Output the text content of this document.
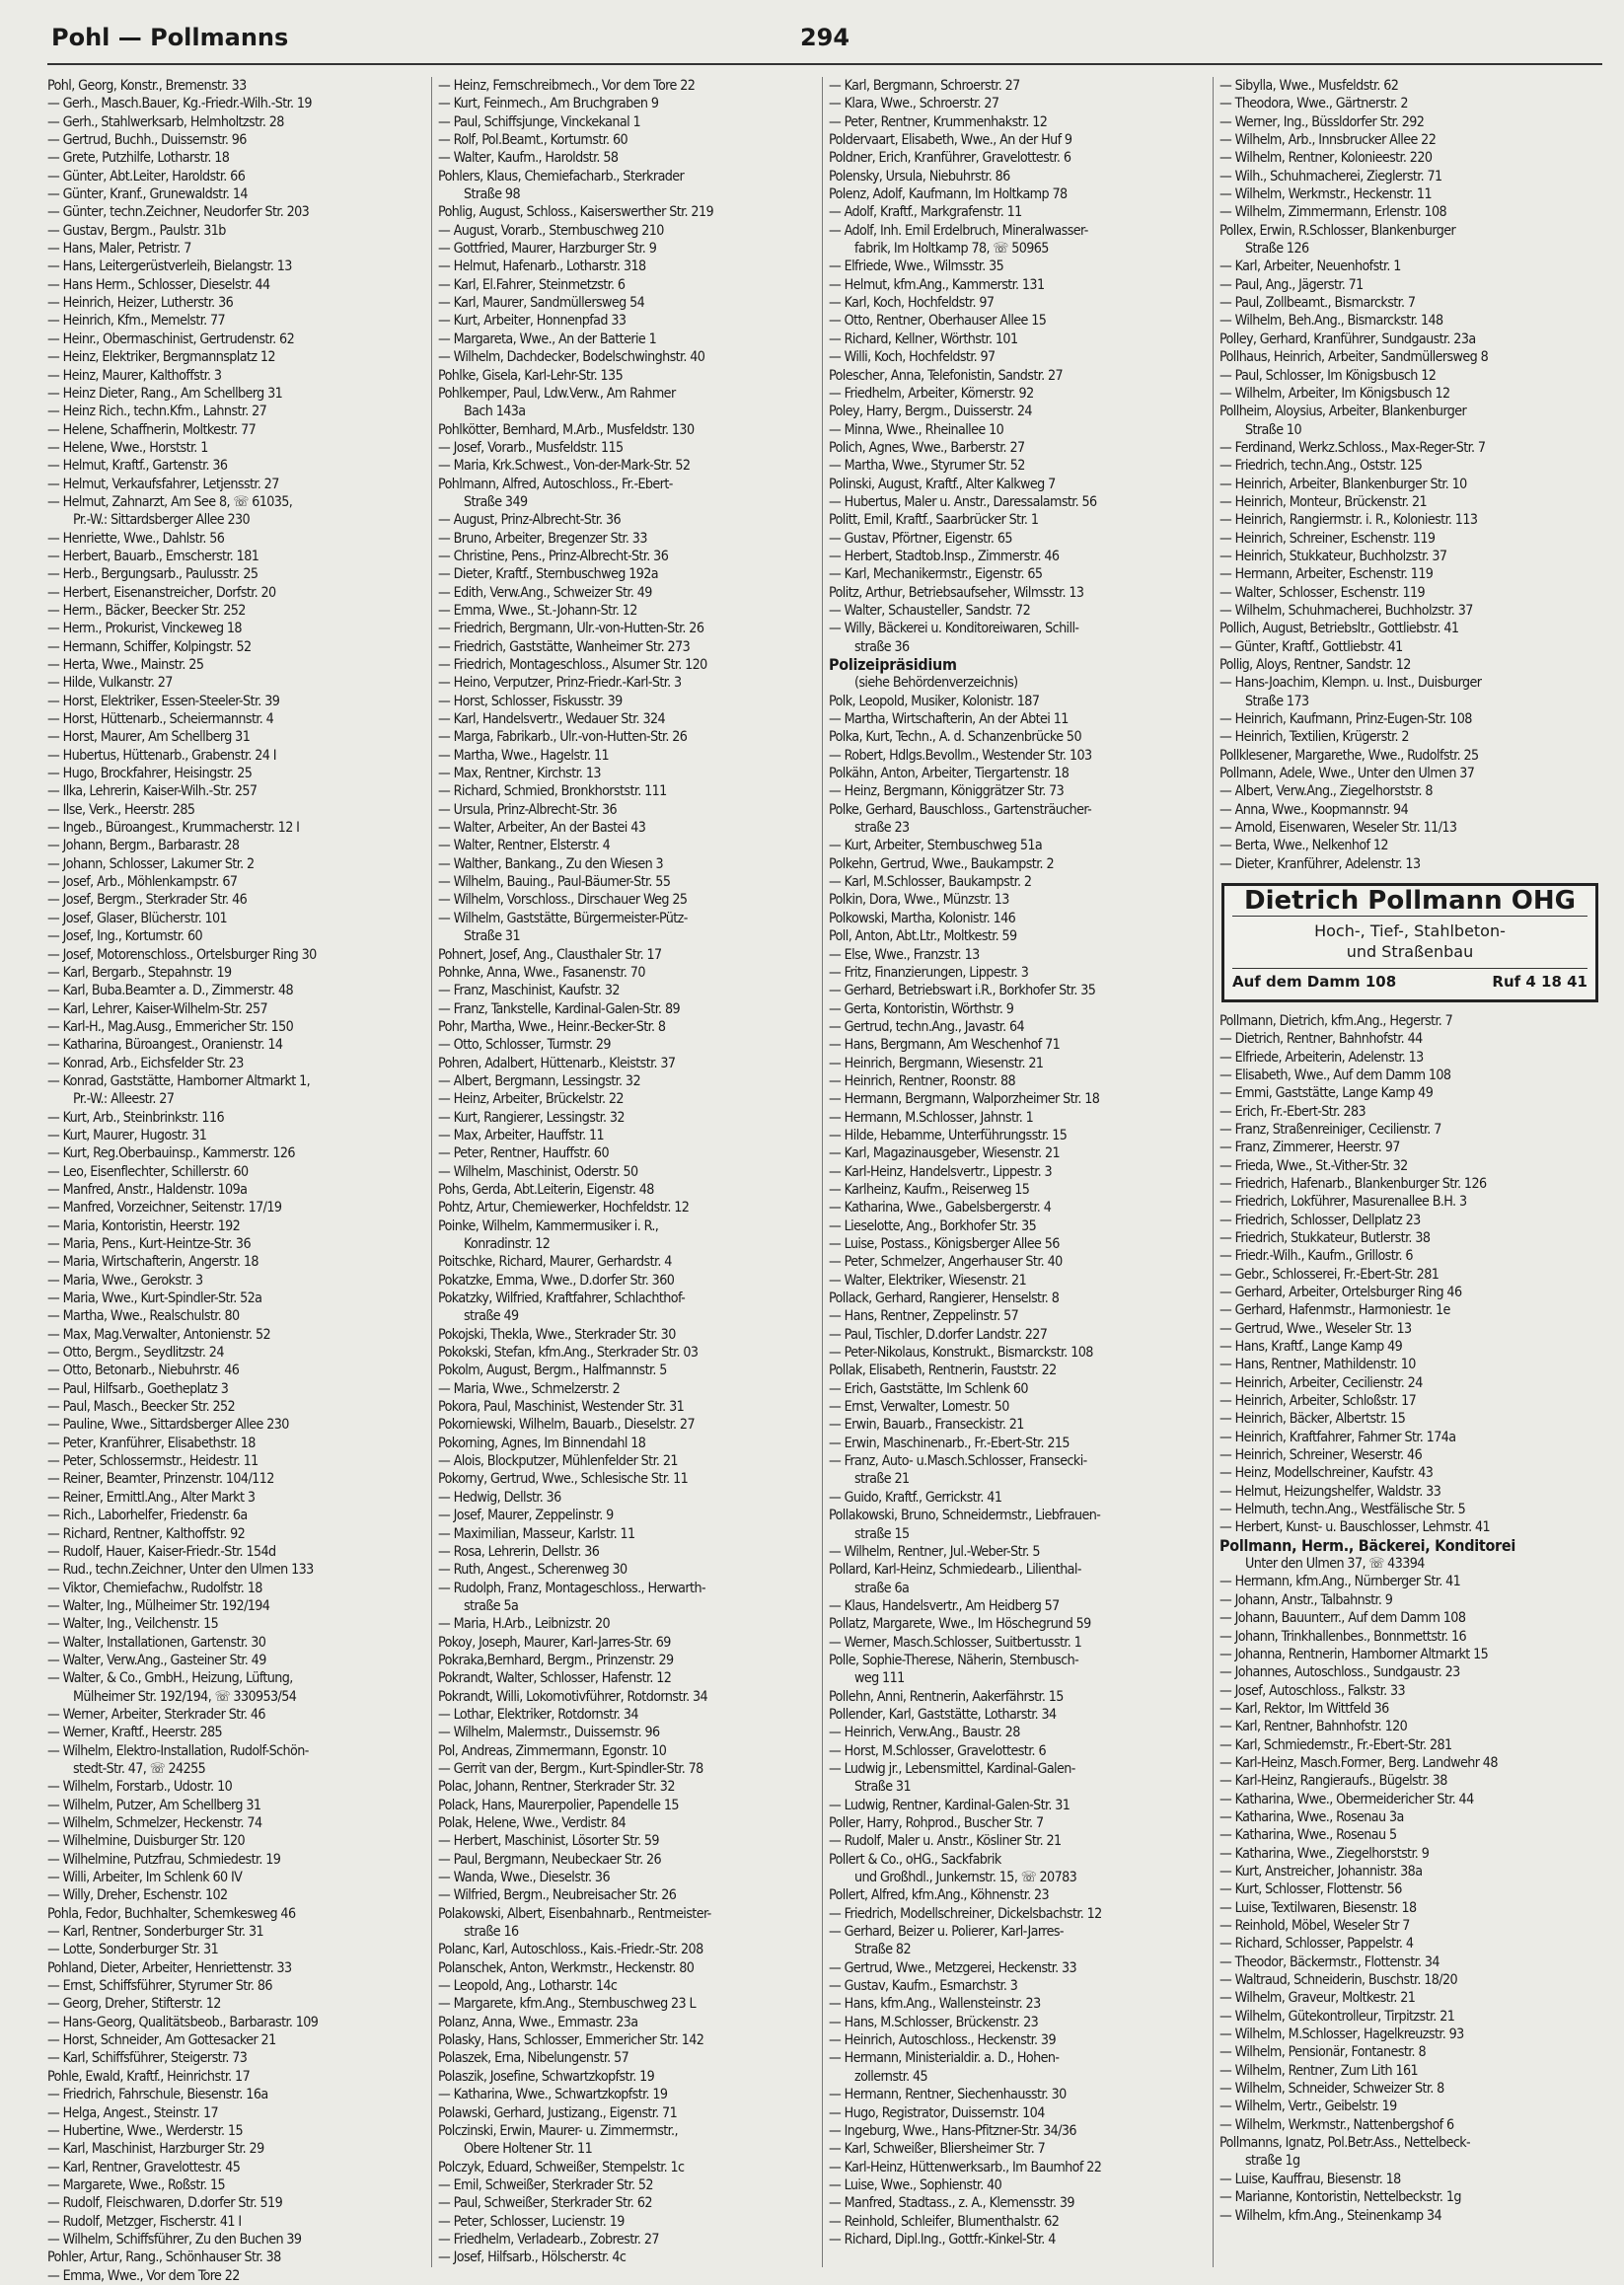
Pohl — Pollmanns	294
Pohl, Georg, Konstr., Bremenstr. 33
— Gerh., Masch.Bauer, Kg.-Friedr.-Wilh.-Str. 19
— Gerh., Stahlwerksarb, Helmholtzstr. 28
— Gertrud, Buchh., Duissernstr. 96
— Grete, Putzhilfe, Lotharstr. 18
— Günter, Abt.Leiter, Haroldstr. 66
— Günter, Kranf., Grunewaldstr. 14
— Günter, techn.Zeichner, Neudorfer Str. 203
— Gustav, Bergm., Paulstr. 31b
— Hans, Maler, Petristr. 7
— Hans, Leitergerüstverleih, Bielangstr. 13
— Hans Herm., Schlosser, Dieselstr. 44
— Heinrich, Heizer, Lutherstr. 36
— Heinrich, Kfm., Memelstr. 77
— Heinr., Obermaschinist, Gertrudenstr. 62
— Heinz, Elektriker, Bergmannsplatz 12
— Heinz, Maurer, Kalthoffstr. 3
— Heinz Dieter, Rang., Am Schellberg 31
— Heinz Rich., techn.Kfm., Lahnstr. 27
— Helene, Schaffnerin, Moltkestr. 77
— Helene, Wwe., Horststr. 1
— Helmut, Kraftf., Gartenstr. 36
— Helmut, Verkaufsfahrer, Letjensstr. 27
— Helmut, Zahnarzt, Am See 8, ☏ 61035,
Pr.-W.: Sittardsberger Allee 230
— Henriette, Wwe., Dahlstr. 56
— Herbert, Bauarb., Emscherstr. 181
— Herb., Bergungsarb., Paulusstr. 25
— Herbert, Eisenanstreicher, Dorfstr. 20
— Herm., Bäcker, Beecker Str. 252
— Herm., Prokurist, Vinckeweg 18
— Hermann, Schiffer, Kolpingstr. 52
— Herta, Wwe., Mainstr. 25
— Hilde, Vulkanstr. 27
— Horst, Elektriker, Essen-Steeler-Str. 39
— Horst, Hüttenarb., Scheiermannstr. 4
— Horst, Maurer, Am Schellberg 31
— Hubertus, Hüttenarb., Grabenstr. 24 I
— Hugo, Brockfahrer, Heisingstr. 25
— Ilka, Lehrerin, Kaiser-Wilh.-Str. 257
— Ilse, Verk., Heerstr. 285
— Ingeb., Büroangest., Krummacherstr. 12 I
— Johann, Bergm., Barbarastr. 28
— Johann, Schlosser, Lakumer Str. 2
— Josef, Arb., Möhlenkampstr. 67
— Josef, Bergm., Sterkrader Str. 46
— Josef, Glaser, Blücherstr. 101
— Josef, Ing., Kortumstr. 60
— Josef, Motorenschloss., Ortelsburger Ring 30
— Karl, Bergarb., Stepahnstr. 19
— Karl, Buba.Beamter a. D., Zimmerstr. 48
— Karl, Lehrer, Kaiser-Wilhelm-Str. 257
— Karl-H., Mag.Ausg., Emmericher Str. 150
— Katharina, Büroangest., Oranienstr. 14
— Konrad, Arb., Eichsfelder Str. 23
— Konrad, Gaststätte, Hamborner Altmarkt 1,
Pr.-W.: Alleestr. 27
— Kurt, Arb., Steinbrinkstr. 116
— Kurt, Maurer, Hugostr. 31
— Kurt, Reg.Oberbauinsp., Kammerstr. 126
— Leo, Eisenflechter, Schillerstr. 60
— Manfred, Anstr., Haldenstr. 109a
— Manfred, Vorzeichner, Seitenstr. 17/19
— Maria, Kontoristin, Heerstr. 192
— Maria, Pens., Kurt-Heintze-Str. 36
— Maria, Wirtschafterin, Angerstr. 18
— Maria, Wwe., Gerokstr. 3
— Maria, Wwe., Kurt-Spindler-Str. 52a
— Martha, Wwe., Realschulstr. 80
— Max, Mag.Verwalter, Antonienstr. 52
— Otto, Bergm., Seydlitzstr. 24
— Otto, Betonarb., Niebuhrstr. 46
— Paul, Hilfsarb., Goetheplatz 3
— Paul, Masch., Beecker Str. 252
— Pauline, Wwe., Sittardsberger Allee 230
— Peter, Kranführer, Elisabethstr. 18
— Peter, Schlossermstr., Heidestr. 11
— Reiner, Beamter, Prinzenstr. 104/112
— Reiner, Ermittl.Ang., Alter Markt 3
— Rich., Laborhelfer, Friedenstr. 6a
— Richard, Rentner, Kalthoffstr. 92
— Rudolf, Hauer, Kaiser-Friedr.-Str. 154d
— Rud., techn.Zeichner, Unter den Ulmen 133
— Viktor, Chemiefachw., Rudolfstr. 18
— Walter, Ing., Mülheimer Str. 192/194
— Walter, Ing., Veilchenstr. 15
— Walter, Installationen, Gartenstr. 30
— Walter, Verw.Ang., Gasteiner Str. 49
— Walter, & Co., GmbH., Heizung, Lüftung,
Mülheimer Str. 192/194, ☏ 330953/54
— Werner, Arbeiter, Sterkrader Str. 46
— Werner, Kraftf., Heerstr. 285
— Wilhelm, Elektro-Installation, Rudolf-Schön-
stedt-Str. 47, ☏ 24255
— Wilhelm, Forstarb., Udostr. 10
— Wilhelm, Putzer, Am Schellberg 31
— Wilhelm, Schmelzer, Heckenstr. 74
— Wilhelmine, Duisburger Str. 120
— Wilhelmine, Putzfrau, Schmiedestr. 19
— Willi, Arbeiter, Im Schlenk 60 IV
— Willy, Dreher, Eschenstr. 102
Pohla, Fedor, Buchhalter, Schemkesweg 46
— Karl, Rentner, Sonderburger Str. 31
— Lotte, Sonderburger Str. 31
Pohland, Dieter, Arbeiter, Henriettenstr. 33
— Ernst, Schiffsführer, Styrumer Str. 86
— Georg, Dreher, Stifterstr. 12
— Hans-Georg, Qualitätsbeob., Barbarastr. 109
— Horst, Schneider, Am Gottesacker 21
— Karl, Schiffsführer, Steigerstr. 73
Pohle, Ewald, Kraftf., Heinrichstr. 17
— Friedrich, Fahrschule, Biesenstr. 16a
— Helga, Angest., Steinstr. 17
— Hubertine, Wwe., Werderstr. 15
— Karl, Maschinist, Harzburger Str. 29
— Karl, Rentner, Gravelottestr. 45
— Margarete, Wwe., Roßstr. 15
— Rudolf, Fleischwaren, D.dorfer Str. 519
— Rudolf, Metzger, Fischerstr. 41 I
— Wilhelm, Schiffsführer, Zu den Buchen 39
Pohler, Artur, Rang., Schönhauser Str. 38
— Emma, Wwe., Vor dem Tore 22
— Heinz, Fernschreibmech., Vor dem Tore 22
— Kurt, Feinmech., Am Bruchgraben 9
— Paul, Schiffsjunge, Vinckekanal 1
— Rolf, Pol.Beamt., Kortumstr. 60
— Walter, Kaufm., Haroldstr. 58
Pohlers, Klaus, Chemiefacharb., Sterkrader
Straße 98
Pohlig, August, Schloss., Kaiserswerther Str. 219
— August, Vorarb., Sternbuschweg 210
— Gottfried, Maurer, Harzburger Str. 9
— Helmut, Hafenarb., Lotharstr. 318
— Karl, El.Fahrer, Steinmetzstr. 6
— Karl, Maurer, Sandmüllersweg 54
— Kurt, Arbeiter, Honnenpfad 33
— Margareta, Wwe., An der Batterie 1
— Wilhelm, Dachdecker, Bodelschwinghstr. 40
Pohlke, Gisela, Karl-Lehr-Str. 135
Pohlkemper, Paul, Ldw.Verw., Am Rahmer
Bach 143a
Pohlkötter, Bernhard, M.Arb., Musfeldstr. 130
— Josef, Vorarb., Musfeldstr. 115
— Maria, Krk.Schwest., Von-der-Mark-Str. 52
Pohlmann, Alfred, Autoschloss., Fr.-Ebert-
Straße 349
— August, Prinz-Albrecht-Str. 36
— Bruno, Arbeiter, Bregenzer Str. 33
— Christine, Pens., Prinz-Albrecht-Str. 36
— Dieter, Kraftf., Sternbuschweg 192a
— Edith, Verw.Ang., Schweizer Str. 49
— Emma, Wwe., St.-Johann-Str. 12
— Friedrich, Bergmann, Ulr.-von-Hutten-Str. 26
— Friedrich, Gaststätte, Wanheimer Str. 273
— Friedrich, Montageschloss., Alsumer Str. 120
— Heino, Verputzer, Prinz-Friedr.-Karl-Str. 3
— Horst, Schlosser, Fiskusstr. 39
— Karl, Handelsvertr., Wedauer Str. 324
— Marga, Fabrikarb., Ulr.-von-Hutten-Str. 26
— Martha, Wwe., Hagelstr. 11
— Max, Rentner, Kirchstr. 13
— Richard, Schmied, Bronkhorststr. 111
— Ursula, Prinz-Albrecht-Str. 36
— Walter, Arbeiter, An der Bastei 43
— Walter, Rentner, Elsterstr. 4
— Walther, Bankang., Zu den Wiesen 3
— Wilhelm, Bauing., Paul-Bäumer-Str. 55
— Wilhelm, Vorschloss., Dirschauer Weg 25
— Wilhelm, Gaststätte, Bürgermeister-Pütz-
Straße 31
Pohnert, Josef, Ang., Clausthaler Str. 17
Pohnke, Anna, Wwe., Fasanenstr. 70
— Franz, Maschinist, Kaufstr. 32
— Franz, Tankstelle, Kardinal-Galen-Str. 89
Pohr, Martha, Wwe., Heinr.-Becker-Str. 8
— Otto, Schlosser, Turmstr. 29
Pohren, Adalbert, Hüttenarb., Kleiststr. 37
— Albert, Bergmann, Lessingstr. 32
— Heinz, Arbeiter, Brückelstr. 22
— Kurt, Rangierer, Lessingstr. 32
— Max, Arbeiter, Hauffstr. 11
— Peter, Rentner, Hauffstr. 60
— Wilhelm, Maschinist, Oderstr. 50
Pohs, Gerda, Abt.Leiterin, Eigenstr. 48
Pohtz, Artur, Chemiewerker, Hochfeldstr. 12
Poinke, Wilhelm, Kammermusiker i. R.,
Konradinstr. 12
Poitschke, Richard, Maurer, Gerhardstr. 4
Pokatzke, Emma, Wwe., D.dorfer Str. 360
Pokatzky, Wilfried, Kraftfahrer, Schlachthof-
straße 49
Pokojski, Thekla, Wwe., Sterkrader Str. 30
Pokokski, Stefan, kfm.Ang., Sterkrader Str. 03
Pokolm, August, Bergm., Halfmannstr. 5
— Maria, Wwe., Schmelzerstr. 2
Pokora, Paul, Maschinist, Westender Str. 31
Pokorniewski, Wilhelm, Bauarb., Dieselstr. 27
Pokorning, Agnes, Im Binnendahl 18
— Alois, Blockputzer, Mühlenfelder Str. 21
Pokorny, Gertrud, Wwe., Schlesische Str. 11
— Hedwig, Dellstr. 36
— Josef, Maurer, Zeppelinstr. 9
— Maximilian, Masseur, Karlstr. 11
— Rosa, Lehrerin, Dellstr. 36
— Ruth, Angest., Scherenweg 30
— Rudolph, Franz, Montageschloss., Herwarth-
straße 5a
— Maria, H.Arb., Leibnizstr. 20
Pokoy, Joseph, Maurer, Karl-Jarres-Str. 69
Pokraka,Bernhard, Bergm., Prinzenstr. 29
Pokrandt, Walter, Schlosser, Hafenstr. 12
Pokrandt, Willi, Lokomotivführer, Rotdornstr. 34
— Lothar, Elektriker, Rotdornstr. 34
— Wilhelm, Malermstr., Duissernstr. 96
Pol, Andreas, Zimmermann, Egonstr. 10
— Gerrit van der, Bergm., Kurt-Spindler-Str. 78
Polac, Johann, Rentner, Sterkrader Str. 32
Polack, Hans, Maurerpolier, Papendelle 15
Polak, Helene, Wwe., Verdistr. 84
— Herbert, Maschinist, Lösorter Str. 59
— Paul, Bergmann, Neubeckaer Str. 26
— Wanda, Wwe., Dieselstr. 36
— Wilfried, Bergm., Neubreisacher Str. 26
Polakowski, Albert, Eisenbahnarb., Rentmeister-
straße 16
Polanc, Karl, Autoschloss., Kais.-Friedr.-Str. 208
Polanschek, Anton, Werkmstr., Heckenstr. 80
— Leopold, Ang., Lotharstr. 14c
— Margarete, kfm.Ang., Sternbuschweg 23 L
Polanz, Anna, Wwe., Emmastr. 23a
Polasky, Hans, Schlosser, Emmericher Str. 142
Polaszek, Erna, Nibelungenstr. 57
Polaszik, Josefine, Schwartzkopfstr. 19
— Katharina, Wwe., Schwartzkopfstr. 19
Polawski, Gerhard, Justizang., Eigenstr. 71
Polczinski, Erwin, Maurer- u. Zimmermstr.,
Obere Holtener Str. 11
Polczyk, Eduard, Schweißer, Stempelstr. 1c
— Emil, Schweißer, Sterkrader Str. 52
— Paul, Schweißer, Sterkrader Str. 62
— Peter, Schlosser, Lucienstr. 19
— Friedhelm, Verladearb., Zobrestr. 27
— Josef, Hilfsarb., Hölscherstr. 4c
— Karl, Bergmann, Schroerstr. 27
— Klara, Wwe., Schroerstr. 27
— Peter, Rentner, Krummenhakstr. 12
Poldervaart, Elisabeth, Wwe., An der Huf 9
Poldner, Erich, Kranführer, Gravelottestr. 6
Polensky, Ursula, Niebuhrstr. 86
Polenz, Adolf, Kaufmann, Im Holtkamp 78
— Adolf, Kraftf., Markgrafenstr. 11
— Adolf, Inh. Emil Erdelbruch, Mineralwasser-
fabrik, Im Holtkamp 78, ☏ 50965
— Elfriede, Wwe., Wilmsstr. 35
— Helmut, kfm.Ang., Kammerstr. 131
— Karl, Koch, Hochfeldstr. 97
— Otto, Rentner, Oberhauser Allee 15
— Richard, Kellner, Wörthstr. 101
— Willi, Koch, Hochfeldstr. 97
Polescher, Anna, Telefonistin, Sandstr. 27
— Friedhelm, Arbeiter, Körnerstr. 92
Poley, Harry, Bergm., Duisserstr. 24
— Minna, Wwe., Rheinallee 10
Polich, Agnes, Wwe., Barberstr. 27
— Martha, Wwe., Styrumer Str. 52
Polinski, August, Kraftf., Alter Kalkweg 7
— Hubertus, Maler u. Anstr., Daressalamstr. 56
Politt, Emil, Kraftf., Saarbrücker Str. 1
— Gustav, Pförtner, Eigenstr. 65
— Herbert, Stadtob.Insp., Zimmerstr. 46
— Karl, Mechanikermstr., Eigenstr. 65
Politz, Arthur, Betriebsaufseher, Wilmsstr. 13
— Walter, Schausteller, Sandstr. 72
— Willy, Bäckerei u. Konditoreiwaren, Schill-
straße 36
Polizeipräsidium
(siehe Behördenverzeichnis)
Polk, Leopold, Musiker, Kolonistr. 187
— Martha, Wirtschafterin, An der Abtei 11
Polka, Kurt, Techn., A. d. Schanzenbrücke 50
— Robert, Hdlgs.Bevollm., Westender Str. 103
Polkähn, Anton, Arbeiter, Tiergartenstr. 18
— Heinz, Bergmann, Königgrätzer Str. 73
Polke, Gerhard, Bauschloss., Gartensträucher-
straße 23
— Kurt, Arbeiter, Sternbuschweg 51a
Polkehn, Gertrud, Wwe., Baukampstr. 2
— Karl, M.Schlosser, Baukampstr. 2
Polkin, Dora, Wwe., Münzstr. 13
Polkowski, Martha, Kolonistr. 146
Poll, Anton, Abt.Ltr., Moltkestr. 59
— Else, Wwe., Franzstr. 13
— Fritz, Finanzierungen, Lippestr. 3
— Gerhard, Betriebswart i.R., Borkhofer Str. 35
— Gerta, Kontoristin, Wörthstr. 9
— Gertrud, techn.Ang., Javastr. 64
— Hans, Bergmann, Am Weschenhof 71
— Heinrich, Bergmann, Wiesenstr. 21
— Heinrich, Rentner, Roonstr. 88
— Hermann, Bergmann, Walporzheimer Str. 18
— Hermann, M.Schlosser, Jahnstr. 1
— Hilde, Hebamme, Unterführungsstr. 15
— Karl, Magazinausgeber, Wiesenstr. 21
— Karl-Heinz, Handelsvertr., Lippestr. 3
— Karlheinz, Kaufm., Reiserweg 15
— Katharina, Wwe., Gabelsbergerstr. 4
— Lieselotte, Ang., Borkhofer Str. 35
— Luise, Postass., Königsberger Allee 56
— Peter, Schmelzer, Angerhauser Str. 40
— Walter, Elektriker, Wiesenstr. 21
Pollack, Gerhard, Rangierer, Henselstr. 8
— Hans, Rentner, Zeppelinstr. 57
— Paul, Tischler, D.dorfer Landstr. 227
— Peter-Nikolaus, Konstrukt., Bismarckstr. 108
Pollak, Elisabeth, Rentnerin, Fauststr. 22
— Erich, Gaststätte, Im Schlenk 60
— Ernst, Verwalter, Lomestr. 50
— Erwin, Bauarb., Franseckistr. 21
— Erwin, Maschinenarb., Fr.-Ebert-Str. 215
— Franz, Auto- u.Masch.Schlosser, Fransecki-
straße 21
— Guido, Kraftf., Gerrickstr. 41
Pollakowski, Bruno, Schneidermstr., Liebfrauen-
straße 15
— Wilhelm, Rentner, Jul.-Weber-Str. 5
Pollard, Karl-Heinz, Schmiedearb., Lilienthal-
straße 6a
— Klaus, Handelsvertr., Am Heidberg 57
Pollatz, Margarete, Wwe., Im Höschegrund 59
— Werner, Masch.Schlosser, Suitbertusstr. 1
Polle, Sophie-Therese, Näherin, Sternbusch-
weg 111
Pollehn, Anni, Rentnerin, Aakerfährstr. 15
Pollender, Karl, Gaststätte, Lotharstr. 34
— Heinrich, Verw.Ang., Baustr. 28
— Horst, M.Schlosser, Gravelottestr. 6
— Ludwig jr., Lebensmittel, Kardinal-Galen-
Straße 31
— Ludwig, Rentner, Kardinal-Galen-Str. 31
Poller, Harry, Rohprod., Buscher Str. 7
— Rudolf, Maler u. Anstr., Kösliner Str. 21
Pollert & Co., oHG., Sackfabrik
und Großhdl., Junkernstr. 15, ☏ 20783
Pollert, Alfred, kfm.Ang., Köhnenstr. 23
— Friedrich, Modellschreiner, Dickelsbachstr. 12
— Gerhard, Beizer u. Polierer, Karl-Jarres-
Straße 82
— Gertrud, Wwe., Metzgerei, Heckenstr. 33
— Gustav, Kaufm., Esmarchstr. 3
— Hans, kfm.Ang., Wallensteinstr. 23
— Hans, M.Schlosser, Brückenstr. 23
— Heinrich, Autoschloss., Heckenstr. 39
— Hermann, Ministerialdir. a. D., Hohen-
zollernstr. 45
— Hermann, Rentner, Siechenhausstr. 30
— Hugo, Registrator, Duissernstr. 104
— Ingeburg, Wwe., Hans-Pfitzner-Str. 34/36
— Karl, Schweißer, Bliersheimer Str. 7
— Karl-Heinz, Hüttenwerksarb., Im Baumhof 22
— Luise, Wwe., Sophienstr. 40
— Manfred, Stadtass., z. A., Klemensstr. 39
— Reinhold, Schleifer, Blumenthalstr. 62
— Richard, Dipl.Ing., Gottfr.-Kinkel-Str. 4
— Sibylla, Wwe., Musfeldstr. 62
— Theodora, Wwe., Gärtnerstr. 2
— Werner, Ing., Büssldorfer Str. 292
— Wilhelm, Arb., Innsbrucker Allee 22
— Wilhelm, Rentner, Kolonieestr. 220
— Wilh., Schuhmacherei, Zieglerstr. 71
— Wilhelm, Werkmstr., Heckenstr. 11
— Wilhelm, Zimmermann, Erlenstr. 108
Pollex, Erwin, R.Schlosser, Blankenburger
Straße 126
— Karl, Arbeiter, Neuenhofstr. 1
— Paul, Ang., Jägerstr. 71
— Paul, Zollbeamt., Bismarckstr. 7
— Wilhelm, Beh.Ang., Bismarckstr. 148
Polley, Gerhard, Kranführer, Sundgaustr. 23a
Pollhaus, Heinrich, Arbeiter, Sandmüllersweg 8
— Paul, Schlosser, Im Königsbusch 12
— Wilhelm, Arbeiter, Im Königsbusch 12
Pollheim, Aloysius, Arbeiter, Blankenburger
Straße 10
— Ferdinand, Werkz.Schloss., Max-Reger-Str. 7
— Friedrich, techn.Ang., Oststr. 125
— Heinrich, Arbeiter, Blankenburger Str. 10
— Heinrich, Monteur, Brückenstr. 21
— Heinrich, Rangiermstr. i. R., Koloniestr. 113
— Heinrich, Schreiner, Eschenstr. 119
— Heinrich, Stukkateur, Buchholzstr. 37
— Hermann, Arbeiter, Eschenstr. 119
— Walter, Schlosser, Eschenstr. 119
— Wilhelm, Schuhmacherei, Buchholzstr. 37
Pollich, August, Betriebsltr., Gottliebstr. 41
— Günter, Kraftf., Gottliebstr. 41
Pollig, Aloys, Rentner, Sandstr. 12
— Hans-Joachim, Klempn. u. Inst., Duisburger
Straße 173
— Heinrich, Kaufmann, Prinz-Eugen-Str. 108
— Heinrich, Textilien, Krügerstr. 2
Pollklesener, Margarethe, Wwe., Rudolfstr. 25
Pollmann, Adele, Wwe., Unter den Ulmen 37
— Albert, Verw.Ang., Ziegelhorststr. 8
— Anna, Wwe., Koopmannstr. 94
— Arnold, Eisenwaren, Weseler Str. 11/13
— Berta, Wwe., Nelkenhof 12
— Dieter, Kranführer, Adelenstr. 13
Dietrich Pollmann OHG
Hoch-, Tief-, Stahlbeton-
und Straßenbau
Auf dem Damm 108	Ruf 4 18 41
Pollmann, Dietrich, kfm.Ang., Hegerstr. 7
— Dietrich, Rentner, Bahnhofstr. 44
— Elfriede, Arbeiterin, Adelenstr. 13
— Elisabeth, Wwe., Auf dem Damm 108
— Emmi, Gaststätte, Lange Kamp 49
— Erich, Fr.-Ebert-Str. 283
— Franz, Straßenreiniger, Cecilienstr. 7
— Franz, Zimmerer, Heerstr. 97
— Frieda, Wwe., St.-Vither-Str. 32
— Friedrich, Hafenarb., Blankenburger Str. 126
— Friedrich, Lokführer, Masurenallee B.H. 3
— Friedrich, Schlosser, Dellplatz 23
— Friedrich, Stukkateur, Butlerstr. 38
— Friedr.-Wilh., Kaufm., Grillostr. 6
— Gebr., Schlosserei, Fr.-Ebert-Str. 281
— Gerhard, Arbeiter, Ortelsburger Ring 46
— Gerhard, Hafenmstr., Harmoniestr. 1e
— Gertrud, Wwe., Weseler Str. 13
— Hans, Kraftf., Lange Kamp 49
— Hans, Rentner, Mathildenstr. 10
— Heinrich, Arbeiter, Cecilienstr. 24
— Heinrich, Arbeiter, Schloßstr. 17
— Heinrich, Bäcker, Albertstr. 15
— Heinrich, Kraftfahrer, Fahrner Str. 174a
— Heinrich, Schreiner, Weserstr. 46
— Heinz, Modellschreiner, Kaufstr. 43
— Helmut, Heizungshelfer, Waldstr. 33
— Helmuth, techn.Ang., Westfälische Str. 5
— Herbert, Kunst- u. Bauschlosser, Lehmstr. 41
Pollmann, Herm., Bäckerei, Konditorei
Unter den Ulmen 37, ☏ 43394
— Hermann, kfm.Ang., Nürnberger Str. 41
— Johann, Anstr., Talbahnstr. 9
— Johann, Bauunterr., Auf dem Damm 108
— Johann, Trinkhallenbes., Bonnmettstr. 16
— Johanna, Rentnerin, Hamborner Altmarkt 15
— Johannes, Autoschloss., Sundgaustr. 23
— Josef, Autoschloss., Falkstr. 33
— Karl, Rektor, Im Wittfeld 36
— Karl, Rentner, Bahnhofstr. 120
— Karl, Schmiedemstr., Fr.-Ebert-Str. 281
— Karl-Heinz, Masch.Former, Berg. Landwehr 48
— Karl-Heinz, Rangieraufs., Bügelstr. 38
— Katharina, Wwe., Obermeidericher Str. 44
— Katharina, Wwe., Rosenau 3a
— Katharina, Wwe., Rosenau 5
— Katharina, Wwe., Ziegelhorststr. 9
— Kurt, Anstreicher, Johannistr. 38a
— Kurt, Schlosser, Flottenstr. 56
— Luise, Textilwaren, Biesenstr. 18
— Reinhold, Möbel, Weseler Str 7
— Richard, Schlosser, Pappelstr. 4
— Theodor, Bäckermstr., Flottenstr. 34
— Waltraud, Schneiderin, Buschstr. 18/20
— Wilhelm, Graveur, Moltkestr. 21
— Wilhelm, Gütekontrolleur, Tirpitzstr. 21
— Wilhelm, M.Schlosser, Hagelkreuzstr. 93
— Wilhelm, Pensionär, Fontanestr. 8
— Wilhelm, Rentner, Zum Lith 161
— Wilhelm, Schneider, Schweizer Str. 8
— Wilhelm, Vertr., Geibelstr. 19
— Wilhelm, Werkmstr., Nattenbergshof 6
Pollmanns, Ignatz, Pol.Betr.Ass., Nettelbeck-
straße 1g
— Luise, Kauffrau, Biesenstr. 18
— Marianne, Kontoristin, Nettelbeckstr. 1g
— Wilhelm, kfm.Ang., Steinenkamp 34
